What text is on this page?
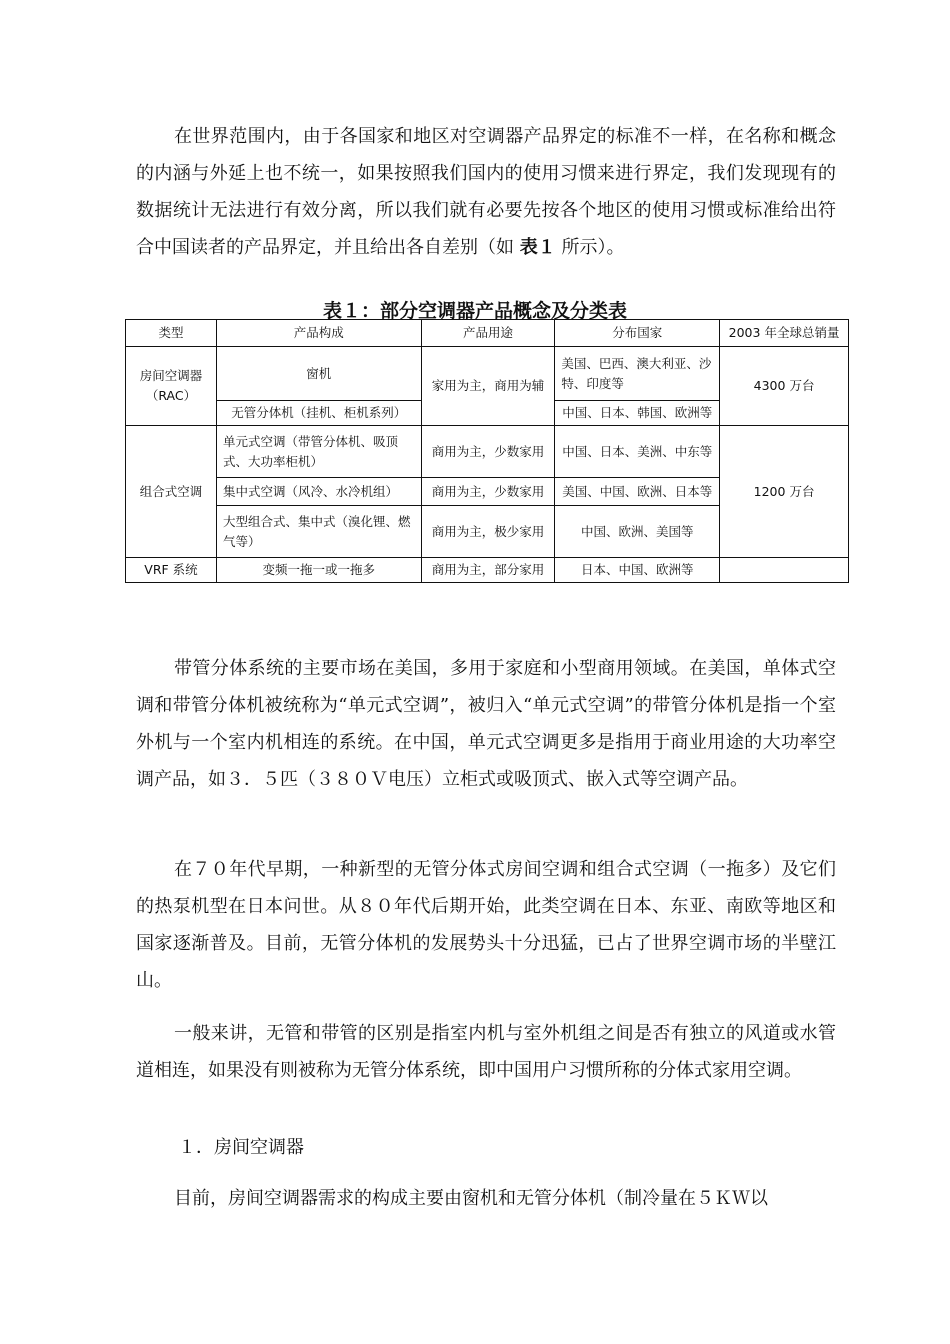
在世界范围内，由于各国家和地区对空调器产品界定的标准不一样，在名称和概念的内涵与外延上也不统一，如果按照我们国内的使用习惯来进行界定，我们发现现有的数据统计无法进行有效分离，所以我们就有必要先按各个地区的使用习惯或标准给出符合中国读者的产品界定，并且给出各自差别（如 表１ 所示）。

表１：部分空调器产品概念及分类表

类型	产品构成	产品用途	分布国家	2003 年全球总销量
房间空调器（RAC）	窗机	家用为主，商用为辅	美国、巴西、澳大利亚、沙特、印度等	4300 万台
	无管分体机（挂机、柜机系列）		中国、日本、韩国、欧洲等	
组合式空调	单元式空调（带管分体机、吸顶式、大功率柜机）	商用为主，少数家用	中国、日本、美洲、中东等	1200 万台
	集中式空调（风冷、水冷机组）	商用为主，少数家用	美国、中国、欧洲、日本等	
	大型组合式、集中式（溴化锂、燃气等）	商用为主，极少家用	中国、欧洲、美国等	
VRF 系统	变频一拖一或一拖多	商用为主，部分家用	日本、中国、欧洲等	

带管分体系统的主要市场在美国，多用于家庭和小型商用领域。在美国，单体式空调和带管分体机被统称为“单元式空调”，被归入“单元式空调”的带管分体机是指一个室外机与一个室内机相连的系统。在中国，单元式空调更多是指用于商业用途的大功率空调产品，如３．５匹（３８０Ｖ电压）立柜式或吸顶式、嵌入式等空调产品。

在７０年代早期，一种新型的无管分体式房间空调和组合式空调（一拖多）及它们的热泵机型在日本问世。从８０年代后期开始，此类空调在日本、东亚、南欧等地区和国家逐渐普及。目前，无管分体机的发展势头十分迅猛，已占了世界空调市场的半壁江山。

一般来讲，无管和带管的区别是指室内机与室外机组之间是否有独立的风道或水管道相连，如果没有则被称为无管分体系统，即中国用户习惯所称的分体式家用空调。

１．房间空调器

目前，房间空调器需求的构成主要由窗机和无管分体机（制冷量在５ＫＷ以
